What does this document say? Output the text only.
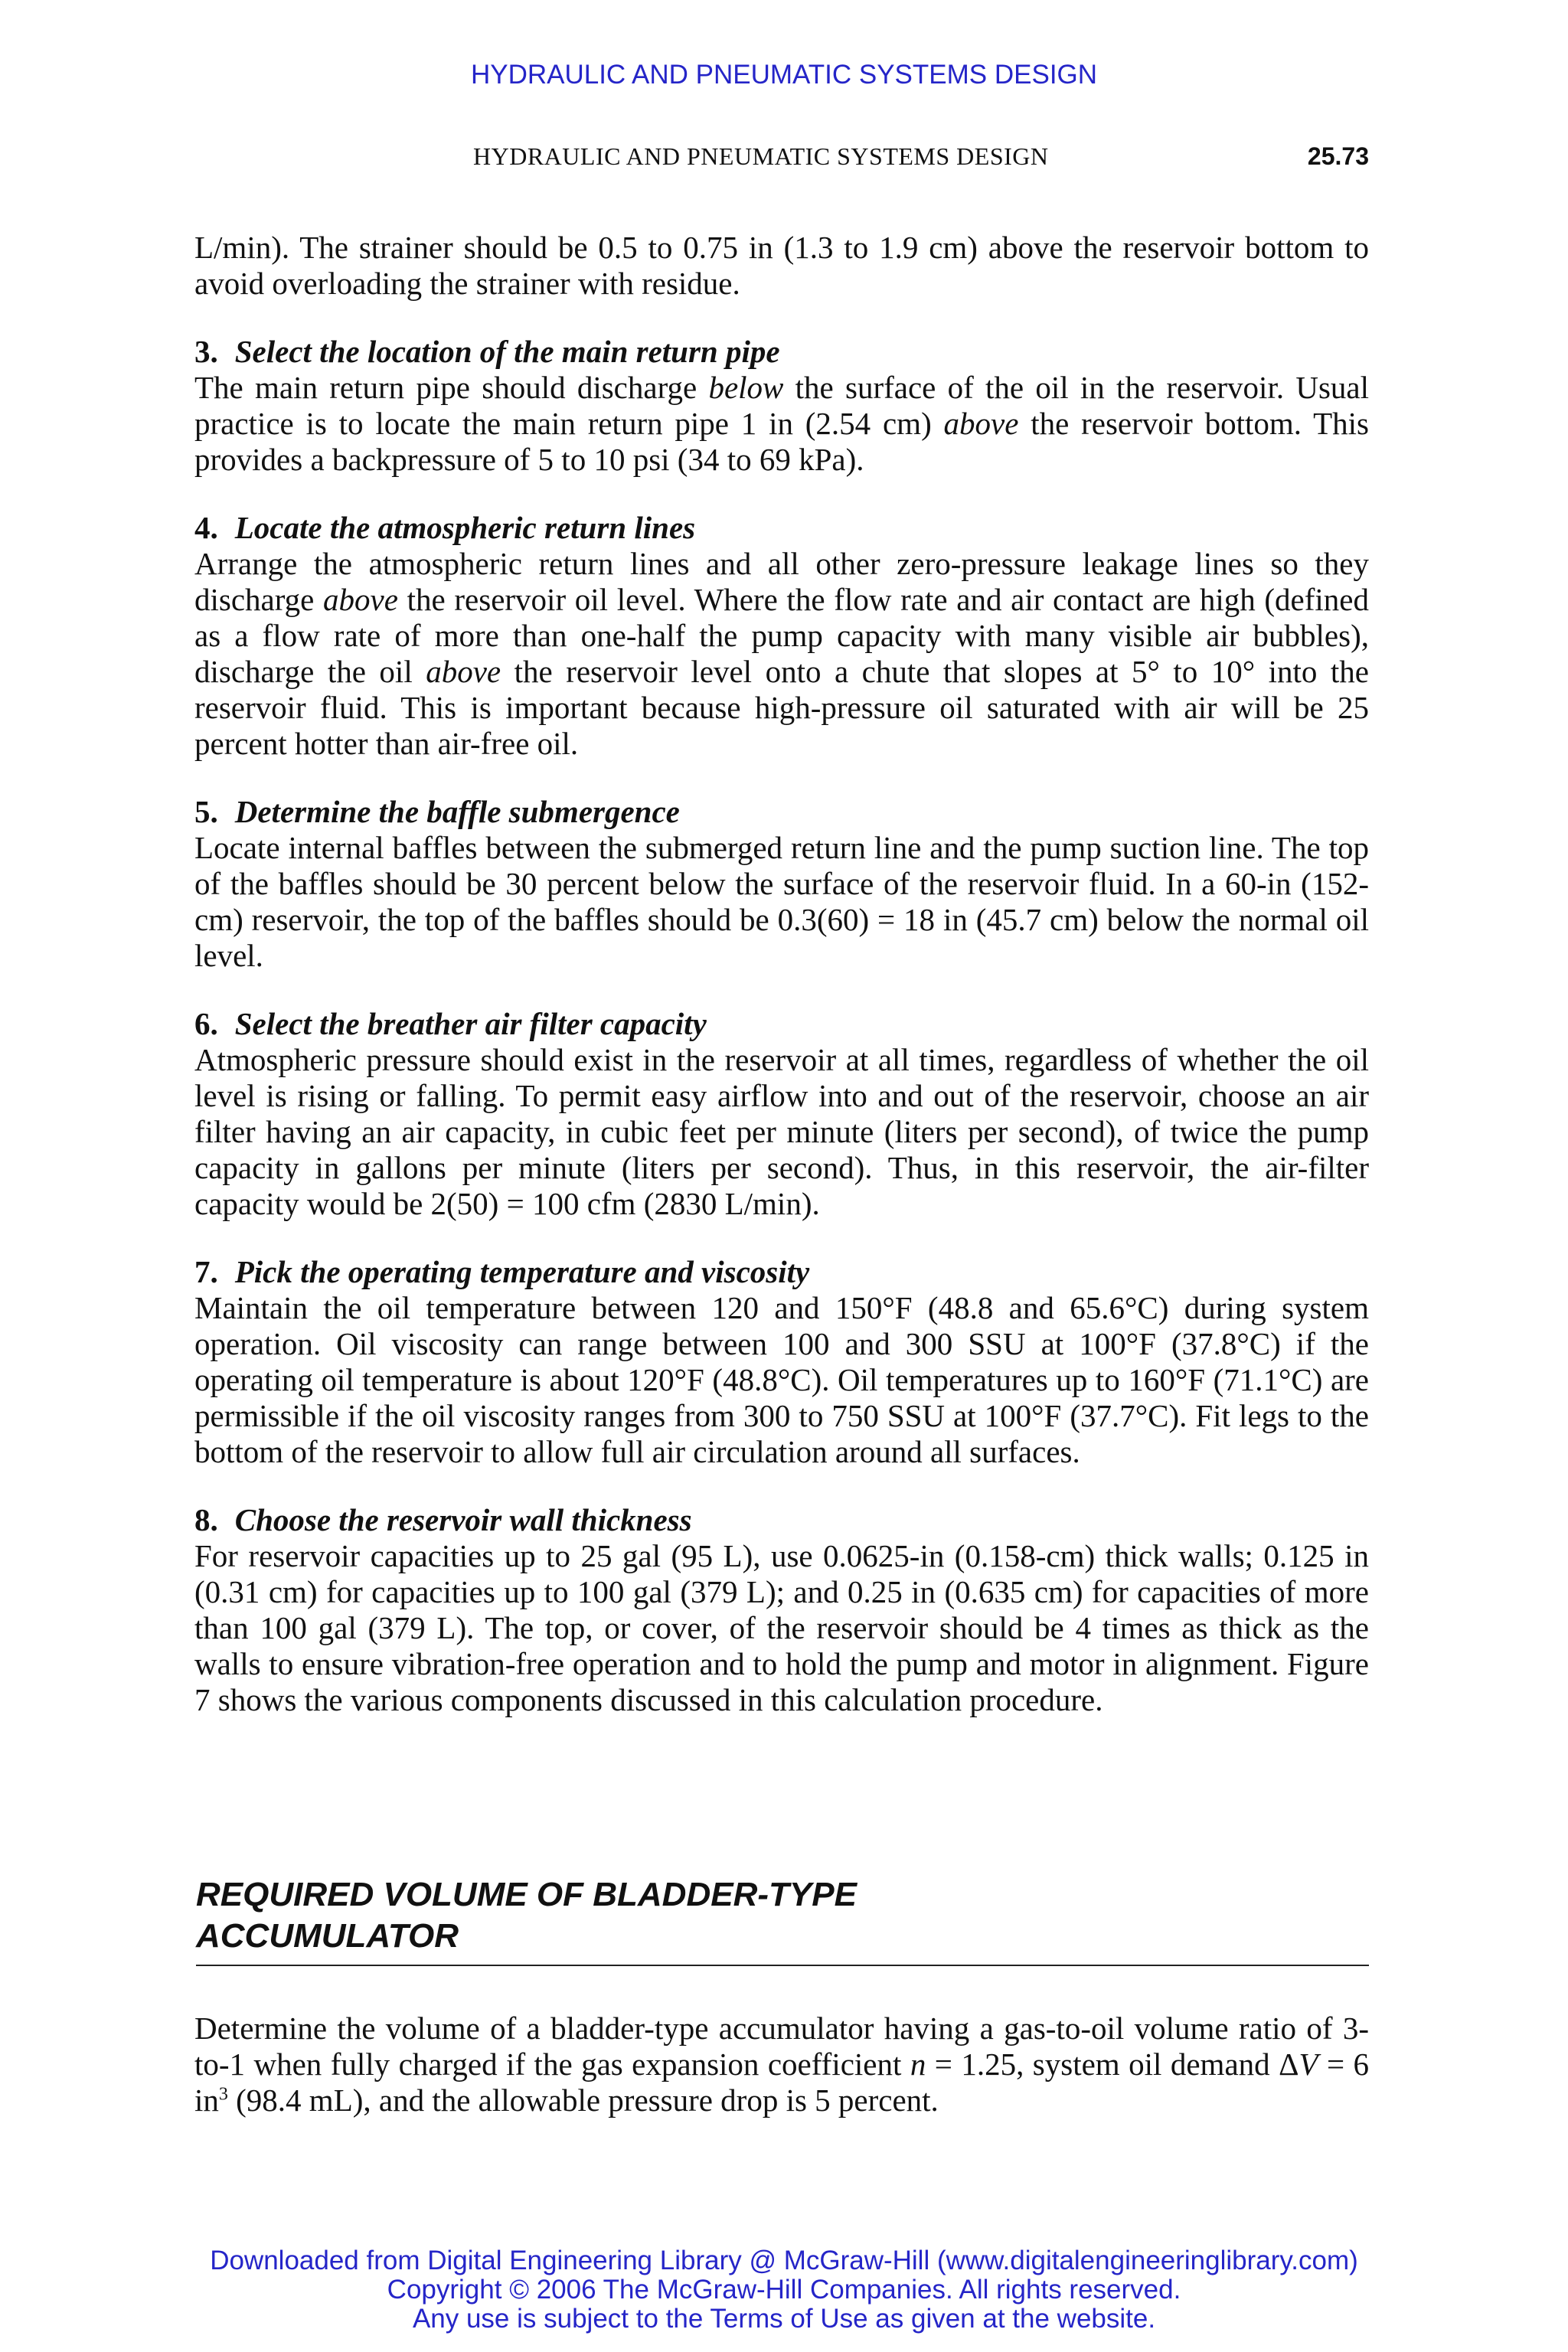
HYDRAULIC AND PNEUMATIC SYSTEMS DESIGN
HYDRAULIC AND PNEUMATIC SYSTEMS DESIGN	25.73

L/min). The strainer should be 0.5 to 0.75 in (1.3 to 1.9 cm) above the reservoir bottom to avoid overloading the strainer with residue.

3. Select the location of the main return pipe

The main return pipe should discharge below the surface of the oil in the reservoir. Usual practice is to locate the main return pipe 1 in (2.54 cm) above the reservoir bottom. This provides a backpressure of 5 to 10 psi (34 to 69 kPa).

4. Locate the atmospheric return lines

Arrange the atmospheric return lines and all other zero-pressure leakage lines so they discharge above the reservoir oil level. Where the flow rate and air contact are high (defined as a flow rate of more than one-half the pump capacity with many visible air bubbles), discharge the oil above the reservoir level onto a chute that slopes at 5° to 10° into the reservoir fluid. This is important because high-pressure oil saturated with air will be 25 percent hotter than air-free oil.

5. Determine the baffle submergence

Locate internal baffles between the submerged return line and the pump suction line. The top of the baffles should be 30 percent below the surface of the reservoir fluid. In a 60-in (152-cm) reservoir, the top of the baffles should be 0.3(60) = 18 in (45.7 cm) below the normal oil level.

6. Select the breather air filter capacity

Atmospheric pressure should exist in the reservoir at all times, regardless of whether the oil level is rising or falling. To permit easy airflow into and out of the reservoir, choose an air filter having an air capacity, in cubic feet per minute (liters per second), of twice the pump capacity in gallons per minute (liters per second). Thus, in this reservoir, the air-filter capacity would be 2(50) = 100 cfm (2830 L/min).

7. Pick the operating temperature and viscosity

Maintain the oil temperature between 120 and 150°F (48.8 and 65.6°C) during system operation. Oil viscosity can range between 100 and 300 SSU at 100°F (37.8°C) if the operating oil temperature is about 120°F (48.8°C). Oil temperatures up to 160°F (71.1°C) are permissible if the oil viscosity ranges from 300 to 750 SSU at 100°F (37.7°C). Fit legs to the bottom of the reservoir to allow full air circulation around all surfaces.

8. Choose the reservoir wall thickness

For reservoir capacities up to 25 gal (95 L), use 0.0625-in (0.158-cm) thick walls; 0.125 in (0.31 cm) for capacities up to 100 gal (379 L); and 0.25 in (0.635 cm) for capacities of more than 100 gal (379 L). The top, or cover, of the reservoir should be 4 times as thick as the walls to ensure vibration-free operation and to hold the pump and motor in alignment. Figure 7 shows the various components discussed in this calculation procedure.

REQUIRED VOLUME OF BLADDER-TYPE
ACCUMULATOR

Determine the volume of a bladder-type accumulator having a gas-to-oil volume ratio of 3-to-1 when fully charged if the gas expansion coefficient n = 1.25, system oil demand ΔV = 6 $in^3$ (98.4 mL), and the allowable pressure drop is 5 percent.

Downloaded from Digital Engineering Library @ McGraw-Hill (www.digitalengineeringlibrary.com)
Copyright © 2006 The McGraw-Hill Companies. All rights reserved.
Any use is subject to the Terms of Use as given at the website.
